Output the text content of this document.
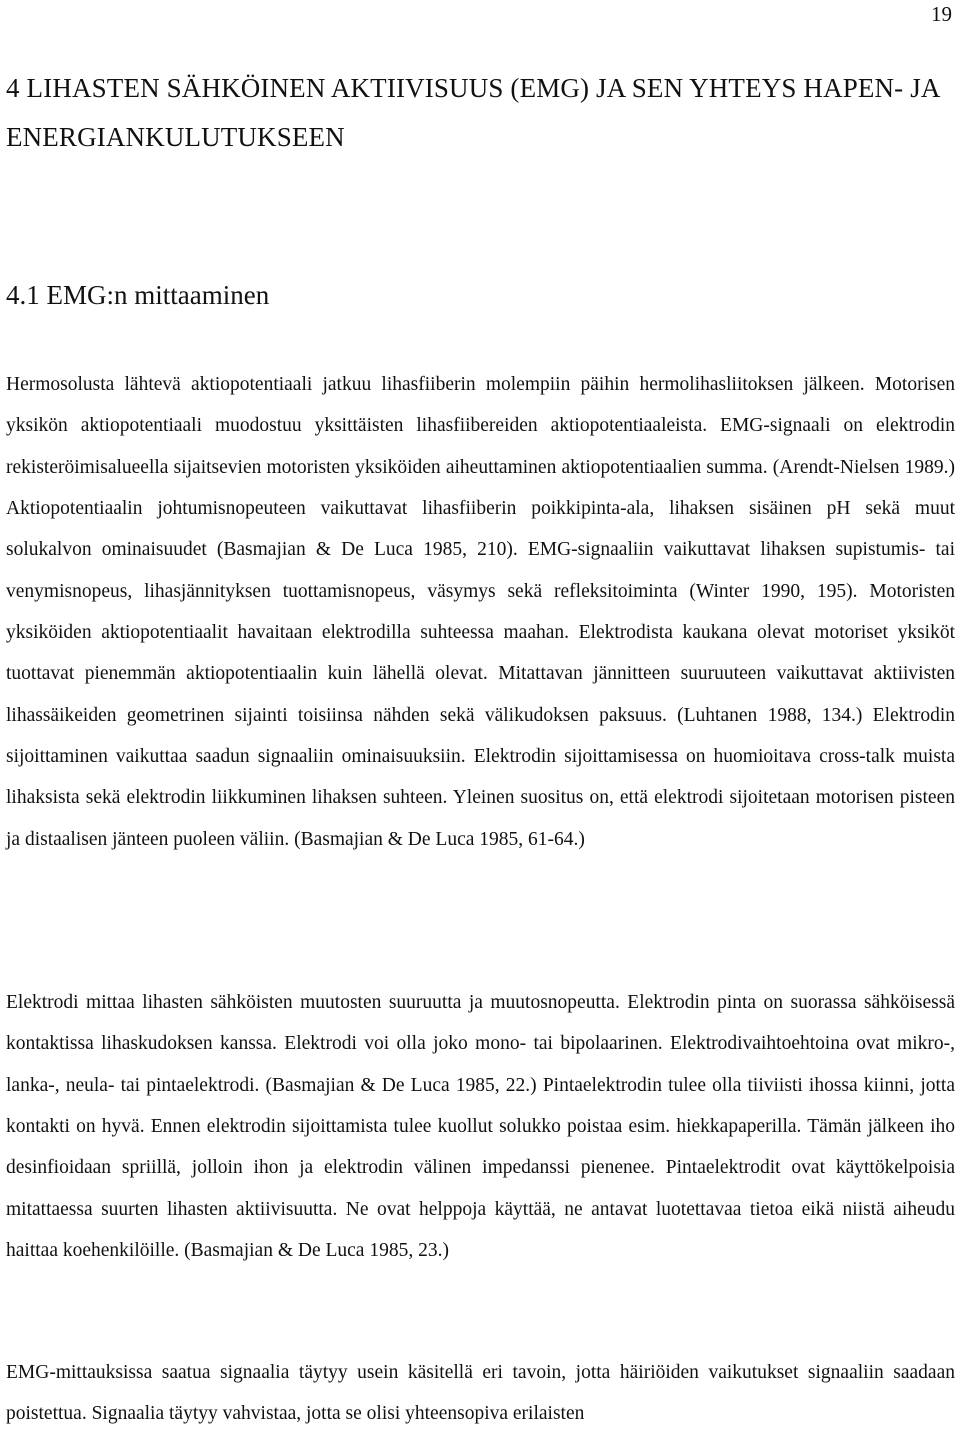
19
4 LIHASTEN SÄHKÖINEN AKTIIVISUUS (EMG) JA SEN YHTEYS HAPEN- JA ENERGIANKULUTUKSEEN
4.1 EMG:n mittaaminen

Hermosolusta lähtevä aktiopotentiaali jatkuu lihasfiiberin molempiin päihin hermolihasliitoksen jälkeen. Motorisen yksikön aktiopotentiaali muodostuu yksittäisten lihasfiibereiden aktiopotentiaaleista. EMG-signaali on elektrodin rekisteröimisalueella sijaitsevien motoristen yksiköiden aiheuttaminen aktiopotentiaalien summa. (Arendt-Nielsen 1989.) Aktiopotentiaalin johtumisnopeuteen vaikuttavat lihasfiiberin poikkipinta-ala, lihaksen sisäinen pH sekä muut solukalvon ominaisuudet (Basmajian & De Luca 1985, 210). EMG-signaaliin vaikuttavat lihaksen supistumis- tai venymisnopeus, lihasjännityksen tuottamisnopeus, väsymys sekä refleksitoiminta (Winter 1990, 195). Motoristen yksiköiden aktiopotentiaalit havaitaan elektrodilla suhteessa maahan. Elektrodista kaukana olevat motoriset yksiköt tuottavat pienemmän aktiopotentiaalin kuin lähellä olevat. Mitattavan jännitteen suuruuteen vaikuttavat aktiivisten lihassäikeiden geometrinen sijainti toisiinsa nähden sekä välikudoksen paksuus. (Luhtanen 1988, 134.) Elektrodin sijoittaminen vaikuttaa saadun signaaliin ominaisuuksiin. Elektrodin sijoittamisessa on huomioitava cross-talk muista lihaksista sekä elektrodin liikkuminen lihaksen suhteen. Yleinen suositus on, että elektrodi sijoitetaan motorisen pisteen ja distaalisen jänteen puoleen väliin. (Basmajian & De Luca 1985, 61-64.)

Elektrodi mittaa lihasten sähköisten muutosten suuruutta ja muutosnopeutta. Elektrodin pinta on suorassa sähköisessä kontaktissa lihaskudoksen kanssa. Elektrodi voi olla joko mono- tai bipolaarinen. Elektrodivaihtoehtoina ovat mikro-, lanka-, neula- tai pintaelektrodi. (Basmajian & De Luca 1985, 22.) Pintaelektrodin tulee olla tiiviisti ihossa kiinni, jotta kontakti on hyvä. Ennen elektrodin sijoittamista tulee kuollut solukko poistaa esim. hiekkapaperilla. Tämän jälkeen iho desinfioidaan spriillä, jolloin ihon ja elektrodin välinen impedanssi pienenee. Pintaelektrodit ovat käyttökelpoisia mitattaessa suurten lihasten aktiivisuutta. Ne ovat helppoja käyttää, ne antavat luotettavaa tietoa eikä niistä aiheudu haittaa koehenkilöille. (Basmajian & De Luca 1985, 23.)

EMG-mittauksissa saatua signaalia täytyy usein käsitellä eri tavoin, jotta häiriöiden vaikutukset signaaliin saadaan poistettua. Signaalia täytyy vahvistaa, jotta se olisi yhteensopiva erilaisten
